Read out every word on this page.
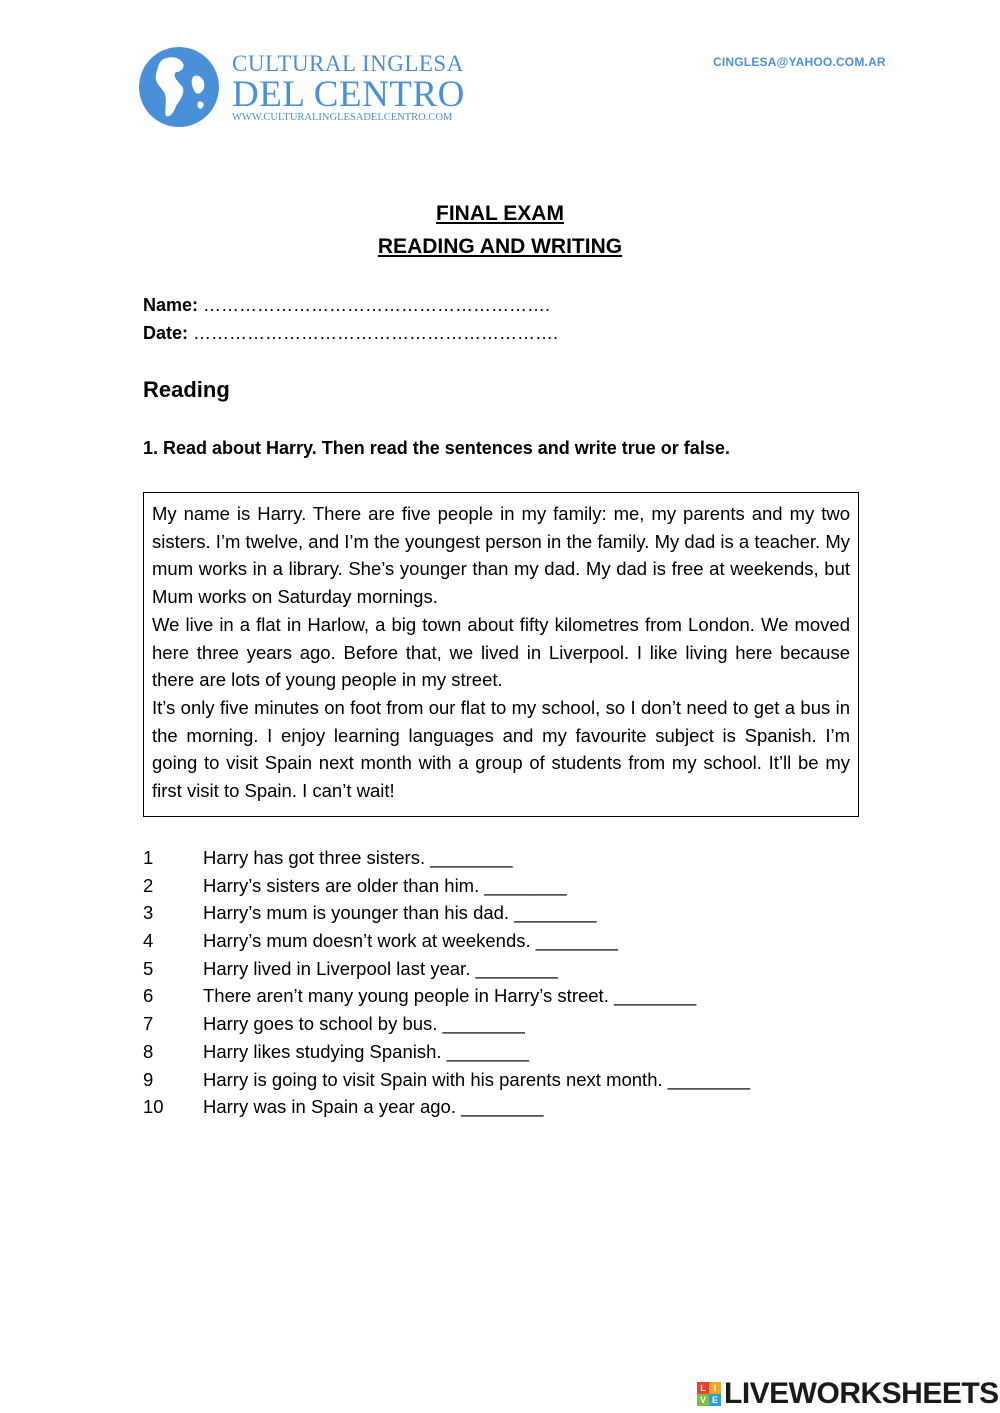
CULTURAL INGLESA
DEL CENTRO
WWW.CULTURALINGLESADELCENTRO.COM
CINGLESA@YAHOO.COM.AR
FINAL EXAM
READING AND WRITING
Name: ………………………………………………….
Date: …………………………………………………….
Reading
1. Read about Harry. Then read the sentences and write true or false.

My name is Harry. There are five people in my family: me, my parents and my two sisters. I’m twelve, and I’m the youngest person in the family. My dad is a teacher. My mum works in a library. She’s younger than my dad. My dad is free at weekends, but Mum works on Saturday mornings.

We live in a flat in Harlow, a big town about fifty kilometres from London. We moved here three years ago. Before that, we lived in Liverpool. I like living here because there are lots of young people in my street.

It’s only five minutes on foot from our flat to my school, so I don’t need to get a bus in the morning. I enjoy learning languages and my favourite subject is Spanish. I’m going to visit Spain next month with a group of students from my school. It’ll be my first visit to Spain. I can’t wait!

1	Harry has got three sisters. ________
2	Harry’s sisters are older than him. ________
3	Harry’s mum is younger than his dad. ________
4	Harry’s mum doesn’t work at weekends. ________
5	Harry lived in Liverpool last year. ________
6	There aren’t many young people in Harry’s street. ________
7	Harry goes to school by bus. ________
8	Harry likes studying Spanish. ________
9	Harry is going to visit Spain with his parents next month. ________
10	Harry was in Spain a year ago. ________
L I
V E LIVEWORKSHEETS
